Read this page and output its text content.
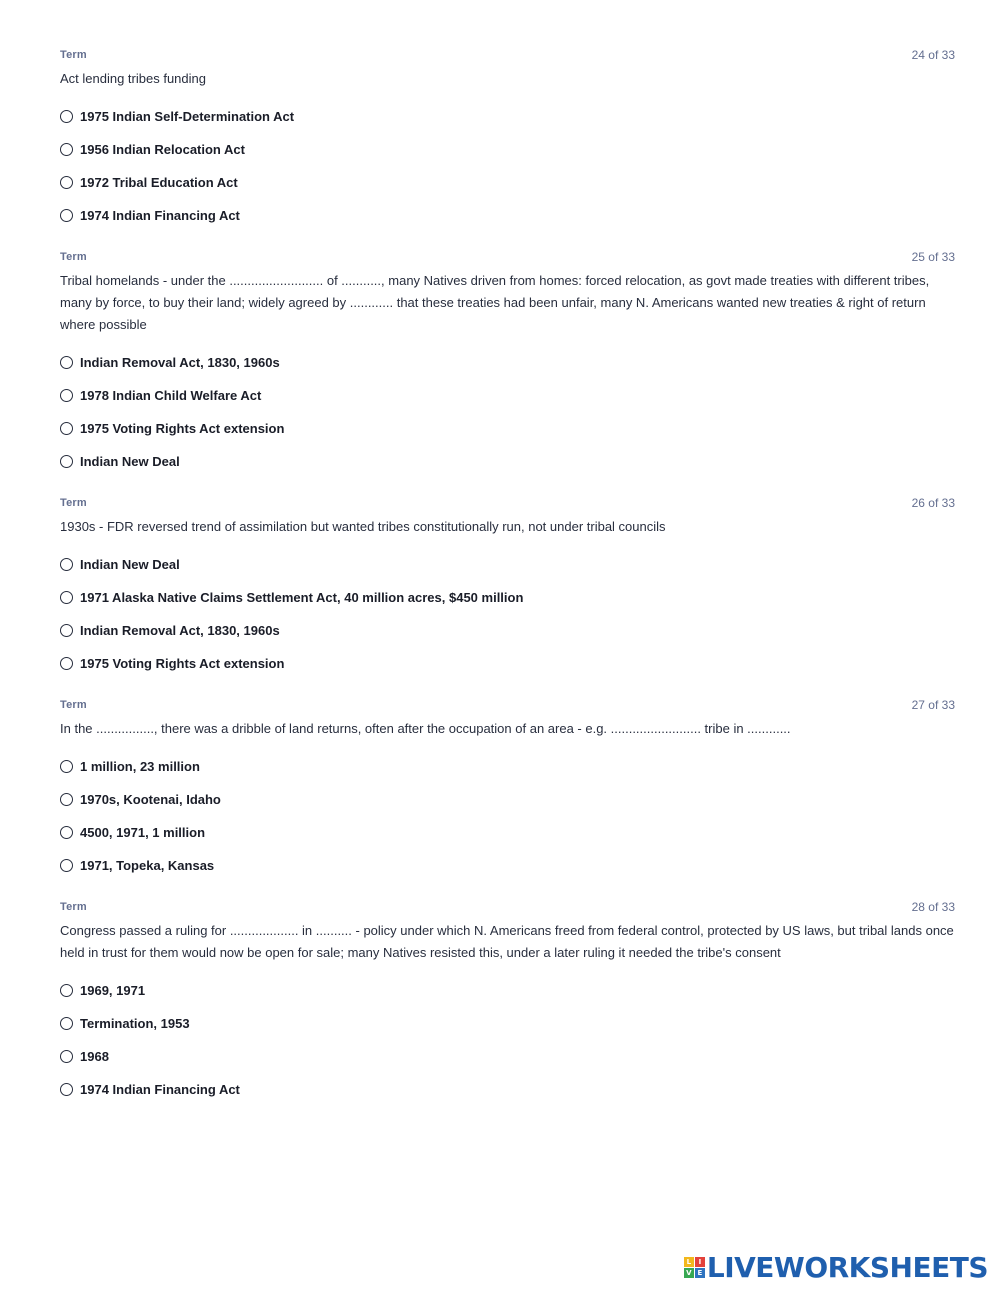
Term	24 of 33
Act lending tribes funding
1975 Indian Self-Determination Act
1956 Indian Relocation Act
1972 Tribal Education Act
1974 Indian Financing Act
Term	25 of 33
Tribal homelands - under the .......................... of ..........., many Natives driven from homes: forced relocation, as govt made treaties with different tribes, many by force, to buy their land; widely agreed by ............ that these treaties had been unfair, many N. Americans wanted new treaties & right of return where possible
Indian Removal Act, 1830, 1960s
1978 Indian Child Welfare Act
1975 Voting Rights Act extension
Indian New Deal
Term	26 of 33
1930s - FDR reversed trend of assimilation but wanted tribes constitutionally run, not under tribal councils
Indian New Deal
1971 Alaska Native Claims Settlement Act, 40 million acres, $450 million
Indian Removal Act, 1830, 1960s
1975 Voting Rights Act extension
Term	27 of 33
In the ................, there was a dribble of land returns, often after the occupation of an area - e.g. ......................... tribe in ............
1 million, 23 million
1970s, Kootenai, Idaho
4500, 1971, 1 million
1971, Topeka, Kansas
Term	28 of 33
Congress passed a ruling for ................... in .......... - policy under which N. Americans freed from federal control, protected by US laws, but tribal lands once held in trust for them would now be open for sale; many Natives resisted this, under a later ruling it needed the tribe's consent
1969, 1971
Termination, 1953
1968
1974 Indian Financing Act
L	I
V E LIVEWORKSHEETS
